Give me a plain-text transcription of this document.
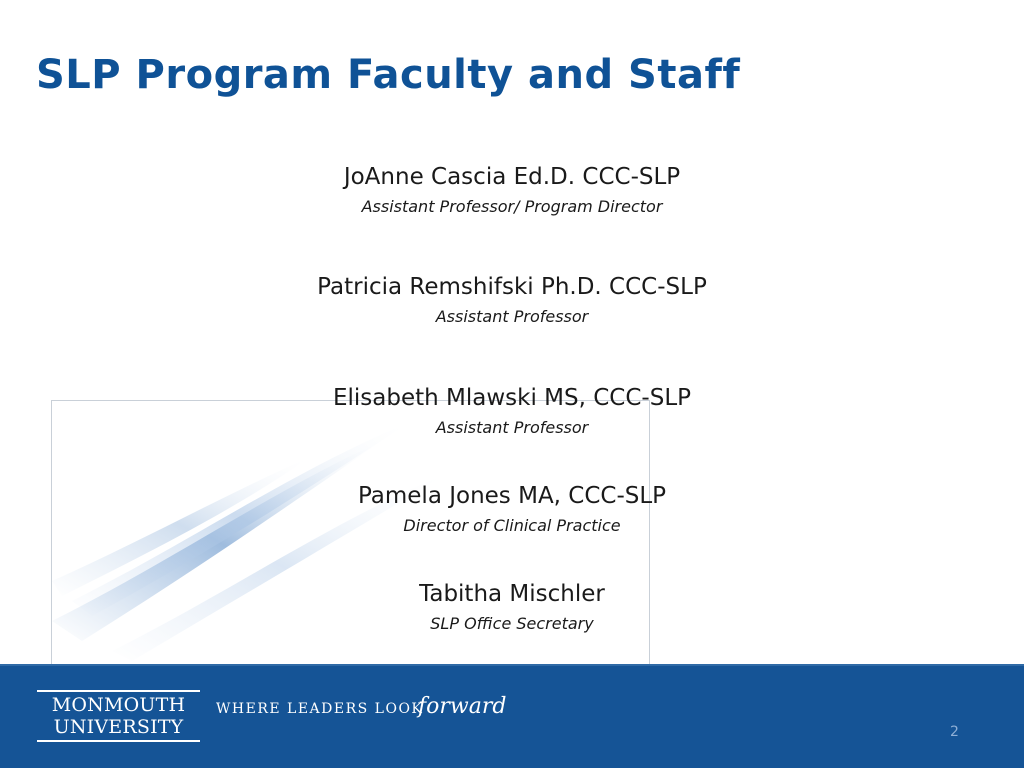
SLP Program Faculty and Staff
JoAnne Cascia Ed.D. CCC-SLP
Assistant Professor/ Program Director
Patricia Remshifski Ph.D. CCC-SLP
Assistant Professor
Elisabeth Mlawski MS, CCC-SLP
Assistant Professor
Pamela Jones MA, CCC-SLP
Director of Clinical Practice
Tabitha Mischler
SLP Office Secretary
MONMOUTH
UNIVERSITY
WHERE LEADERS LOOK
forward
2
